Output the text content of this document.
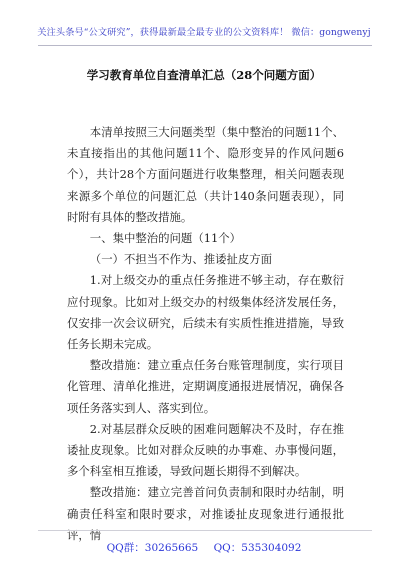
关注头条号“公文研究”，获得最新最全最专业的公文资料库！ 微信：gongwenyj
学习教育单位自查清单汇总（28个问题方面）

本清单按照三大问题类型（集中整治的问题11个、未直接指出的其他问题11个、隐形变异的作风问题6个），共计28个方面问题进行收集整理，相关问题表现来源多个单位的问题汇总（共计140条问题表现），同时附有具体的整改措施。

一、集中整治的问题（11个）

（一）不担当不作为、推诿扯皮方面

1.对上级交办的重点任务推进不够主动，存在敷衍应付现象。比如对上级交办的村级集体经济发展任务，仅安排一次会议研究，后续未有实质性推进措施，导致任务长期未完成。

整改措施：建立重点任务台账管理制度，实行项目化管理、清单化推进，定期调度通报进展情况，确保各项任务落实到人、落实到位。

2.对基层群众反映的困难问题解决不及时，存在推诿扯皮现象。比如对群众反映的办事难、办事慢问题，多个科室相互推诿，导致问题长期得不到解决。

整改措施：建立完善首问负责制和限时办结制，明确责任科室和限时要求，对推诿扯皮现象进行通报批评，情

QQ群：30265665 QQ：535304092
